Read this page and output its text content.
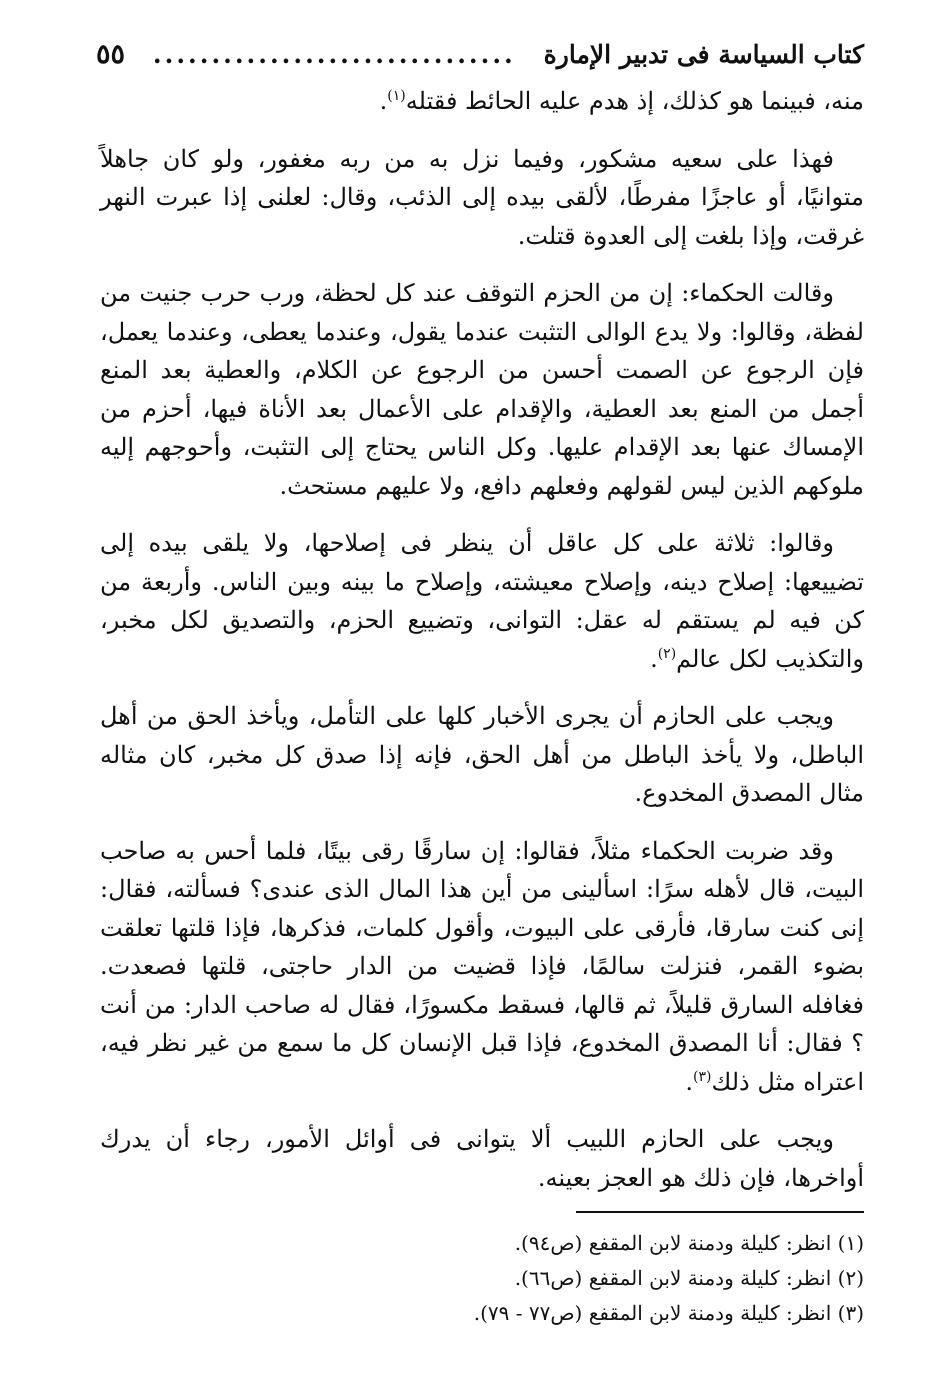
كتاب السياسة فى تدبير الإمارة
...............................
٥٥

منه، فبينما هو كذلك، إذ هدم عليه الحائط فقتله$^{(١)}$.

فهذا على سعيه مشكور، وفيما نزل به من ربه مغفور، ولو كان جاهلاً متوانيًا، أو عاجزًا مفرطًا، لألقى بيده إلى الذئب، وقال: لعلنى إذا عبرت النهر غرقت، وإذا بلغت إلى العدوة قتلت.

وقالت الحكماء: إن من الحزم التوقف عند كل لحظة، ورب حرب جنيت من لفظة، وقالوا: ولا يدع الوالى التثبت عندما يقول، وعندما يعطى، وعندما يعمل، فإن الرجوع عن الصمت أحسن من الرجوع عن الكلام، والعطية بعد المنع أجمل من المنع بعد العطية، والإقدام على الأعمال بعد الأناة فيها، أحزم من الإمساك عنها بعد الإقدام عليها. وكل الناس يحتاج إلى التثبت، وأحوجهم إليه ملوكهم الذين ليس لقولهم وفعلهم دافع، ولا عليهم مستحث.

وقالوا: ثلاثة على كل عاقل أن ينظر فى إصلاحها، ولا يلقى بيده إلى تضييعها: إصلاح دينه، وإصلاح معيشته، وإصلاح ما بينه وبين الناس. وأربعة من كن فيه لم يستقم له عقل: التوانى، وتضييع الحزم، والتصديق لكل مخبر، والتكذيب لكل عالم$^{(٢)}$.

ويجب على الحازم أن يجرى الأخبار كلها على التأمل، ويأخذ الحق من أهل الباطل، ولا يأخذ الباطل من أهل الحق، فإنه إذا صدق كل مخبر، كان مثاله مثال المصدق المخدوع.

وقد ضربت الحكماء مثلاً، فقالوا: إن سارقًا رقى بيتًا، فلما أحس به صاحب البيت، قال لأهله سرًا: اسألينى من أين هذا المال الذى عندى؟ فسألته، فقال: إنى كنت سارقا، فأرقى على البيوت، وأقول كلمات، فذكرها، فإذا قلتها تعلقت بضوء القمر، فنزلت سالمًا، فإذا قضيت من الدار حاجتى، قلتها فصعدت. فغافله السارق قليلاً، ثم قالها، فسقط مكسورًا، فقال له صاحب الدار: من أنت ؟ فقال: أنا المصدق المخدوع، فإذا قبل الإنسان كل ما سمع من غير نظر فيه، اعتراه مثل ذلك$^{(٣)}$.

ويجب على الحازم اللبيب ألا يتوانى فى أوائل الأمور، رجاء أن يدرك أواخرها، فإن ذلك هو العجز بعينه.

(١) انظر: كليلة ودمنة لابن المقفع (ص٩٤).

(٢) انظر: كليلة ودمنة لابن المقفع (ص٦٦).

(٣) انظر: كليلة ودمنة لابن المقفع (ص٧٧ - ٧٩).
